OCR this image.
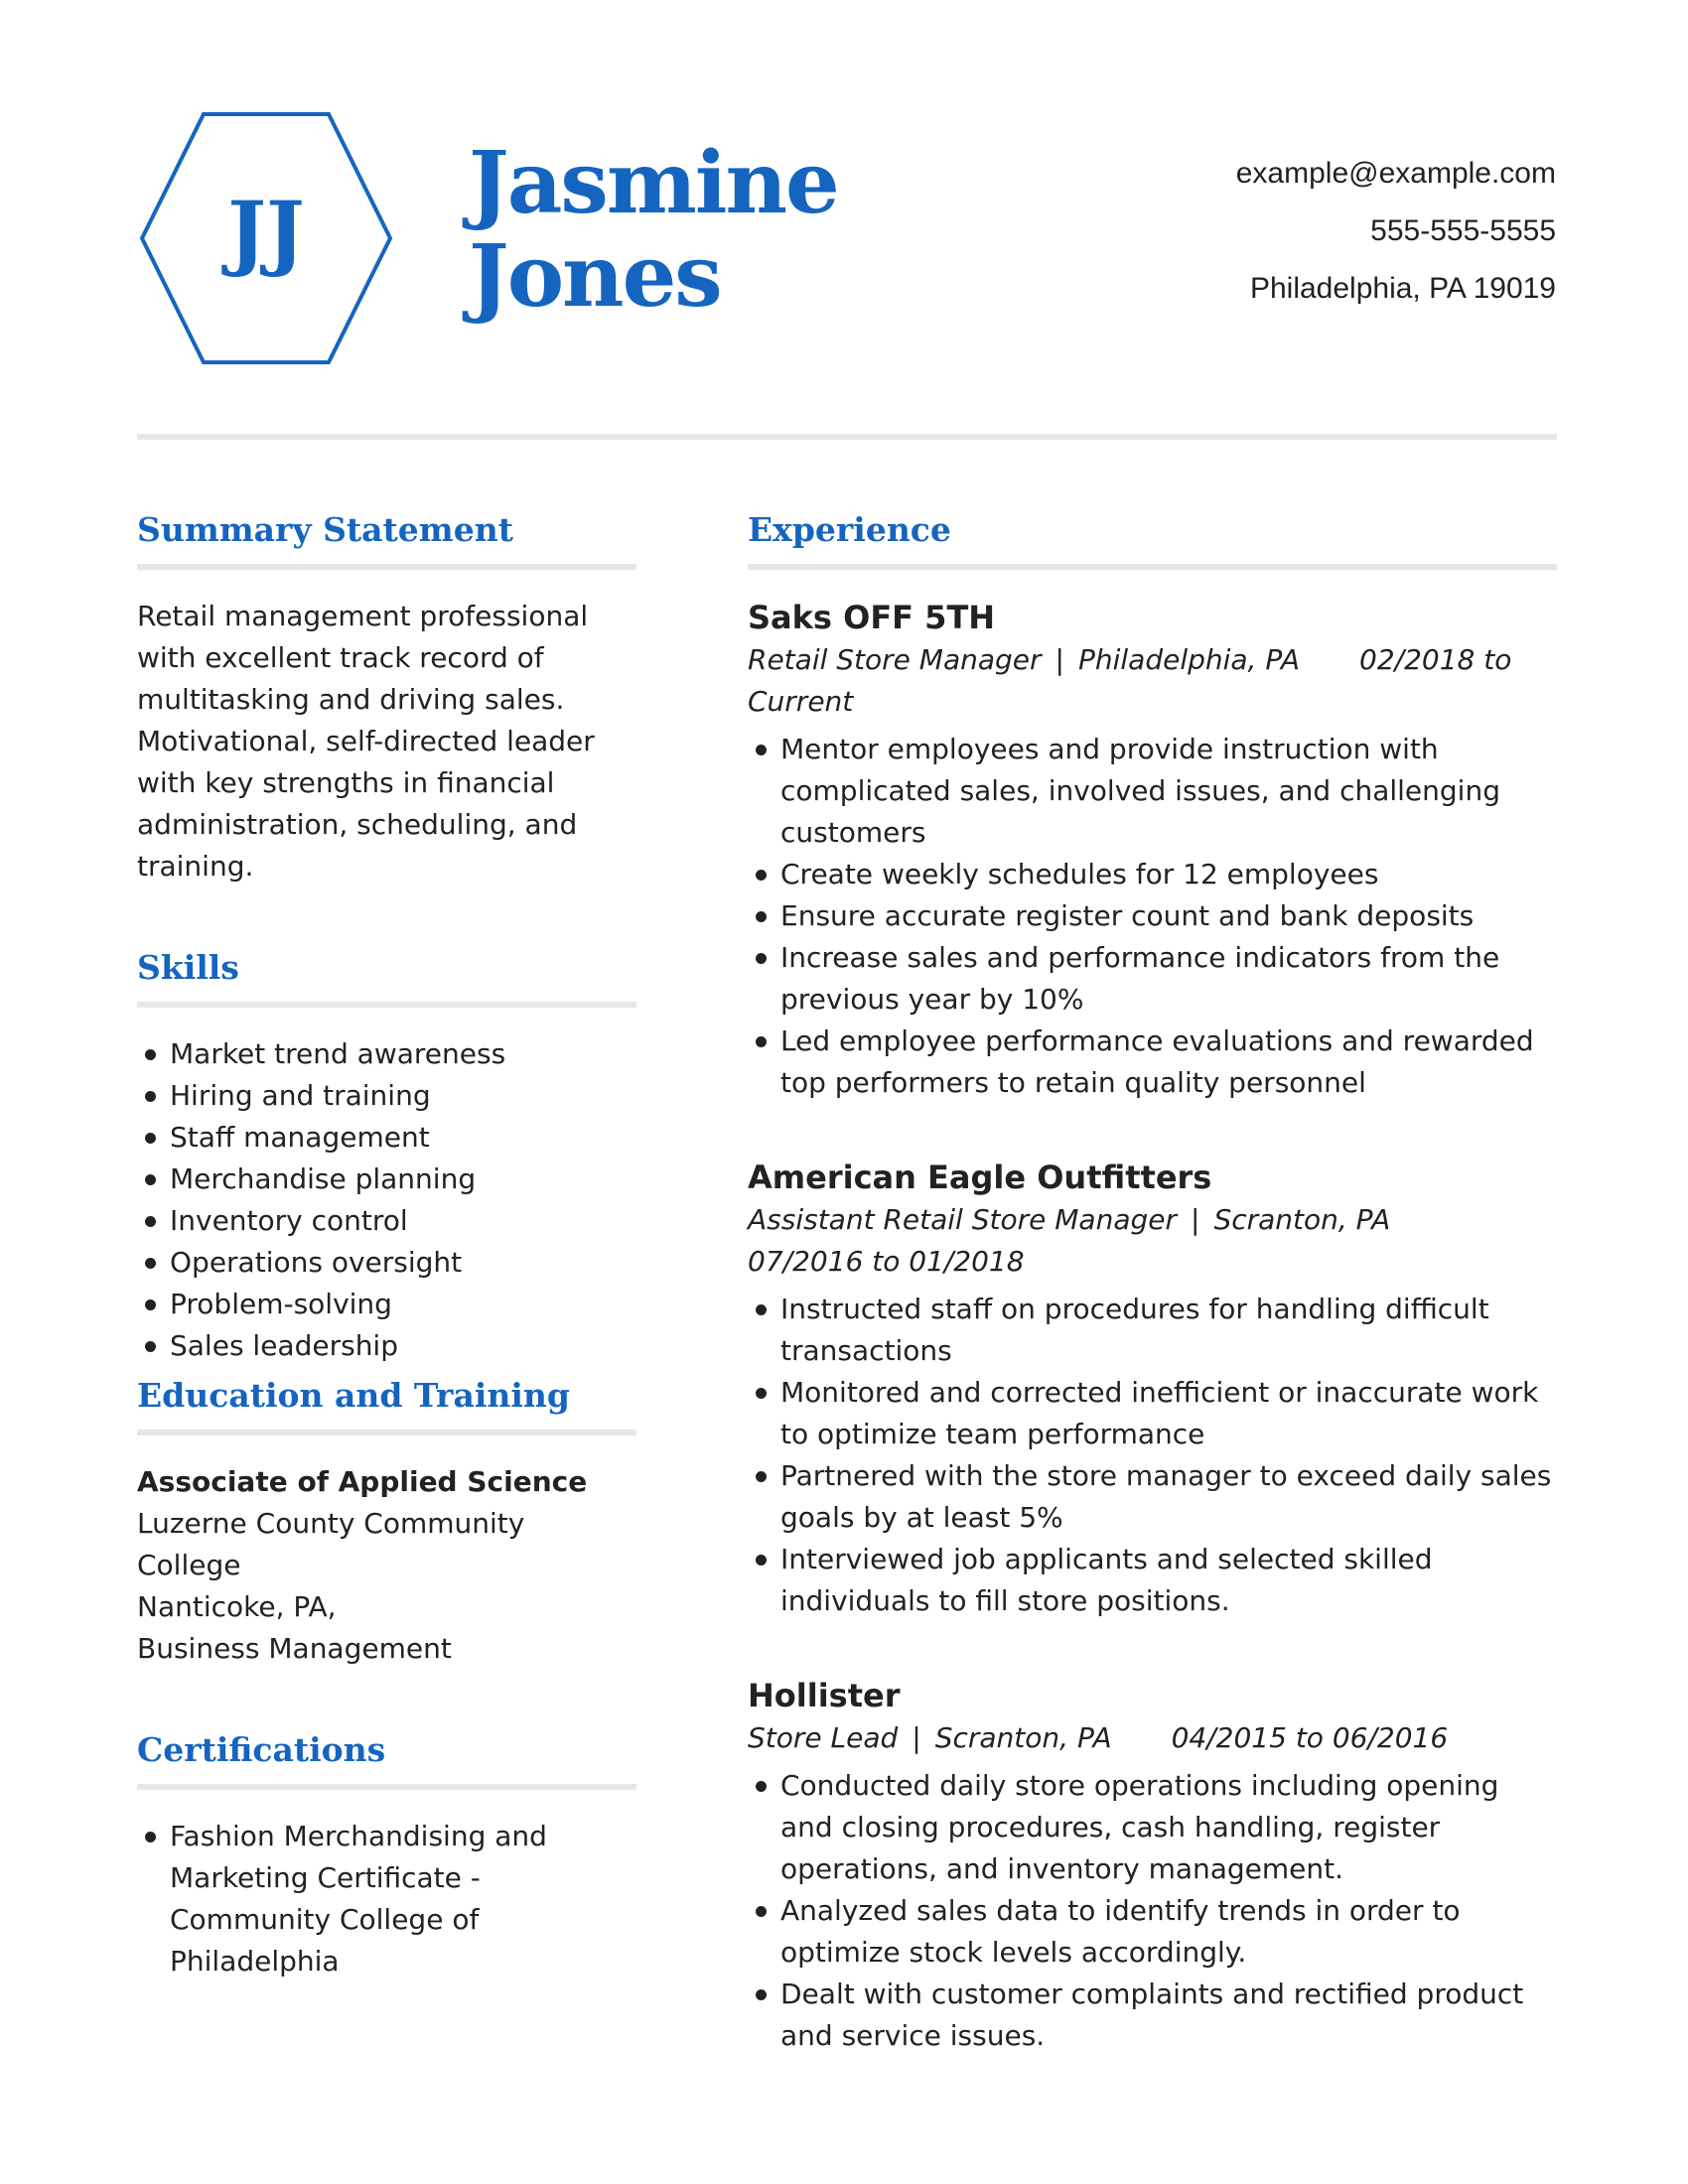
JJ Jasmine
Jones
example@example.com
555-555-5555
Philadelphia, PA 19019
Summary Statement

Retail management professional with excellent track record of multitasking and driving sales. Motivational, self-directed leader with key strengths in financial administration, scheduling, and training.

Skills
Market trend awareness
Hiring and training
Staff management
Merchandise planning
Inventory control
Operations oversight
Problem-solving
Sales leadership
Education and Training
Associate of Applied Science
Luzerne County Community College
Nanticoke, PA,
Business Management
Certifications
Fashion Merchandising and Marketing Certificate - Community College of Philadelphia
Experience
Saks OFF 5TH
Retail Store Manager | Philadelphia, PA 02/2018 to Current
Mentor employees and provide instruction with complicated sales, involved issues, and challenging customers
Create weekly schedules for 12 employees
Ensure accurate register count and bank deposits
Increase sales and performance indicators from the previous year by 10%
Led employee performance evaluations and rewarded top performers to retain quality personnel
American Eagle Outfitters
Assistant Retail Store Manager | Scranton, PA07/2016 to 01/2018
Instructed staff on procedures for handling difficult transactions
Monitored and corrected inefficient or inaccurate work to optimize team performance
Partnered with the store manager to exceed daily sales goals by at least 5%
Interviewed job applicants and selected skilled individuals to fill store positions.
Hollister
Store Lead | Scranton, PA 04/2015 to 06/2016
Conducted daily store operations including opening and closing procedures, cash handling, register operations, and inventory management.
Analyzed sales data to identify trends in order to optimize stock levels accordingly.
Dealt with customer complaints and rectified product and service issues.
